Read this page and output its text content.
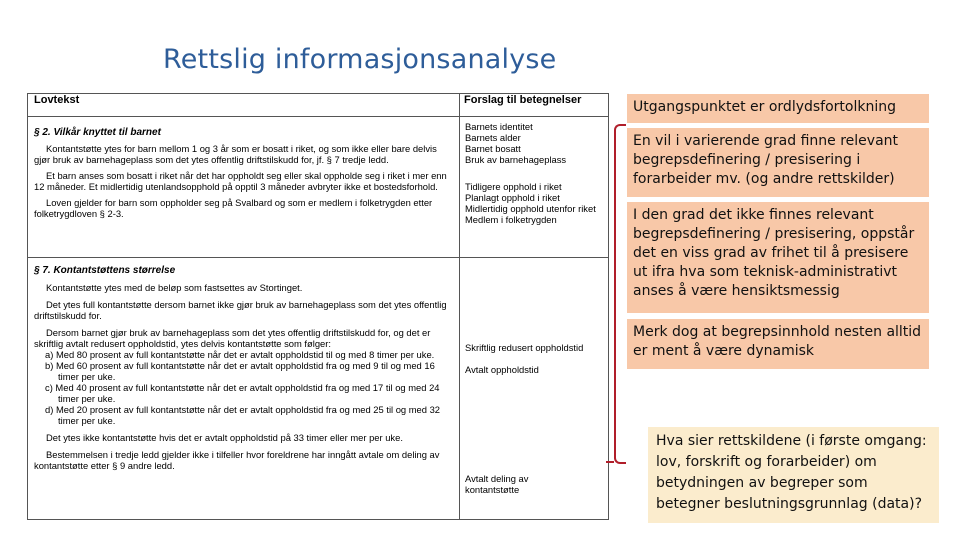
Rettslig informasjonsanalyse
Lovtekst	Forslag til betegnelser

§ 2. Vilkår knyttet til barnet

Kontantstøtte ytes for barn mellom 1 og 3 år som er bosatt i riket, og som ikke eller bare delvis gjør bruk av barnehageplass som det ytes offentlig driftstilskudd for, jf. § 7 tredje ledd.

Et barn anses som bosatt i riket når det har oppholdt seg eller skal oppholde seg i riket i mer enn 12 måneder. Et midlertidig utenlandsopphold på opptil 3 måneder avbryter ikke et bostedsforhold.

Loven gjelder for barn som oppholder seg på Svalbard og som er medlem i folketrygden etter folketrygdloven § 2-3.

Barnets identitet
Barnets alder
Barnet bosatt
Bruk av barnehageplass
Tidligere opphold i riket
Planlagt opphold i riket
Midlertidig opphold utenfor riket
Medlem i folketrygden

§ 7. Kontantstøttens størrelse

Kontantstøtte ytes med de beløp som fastsettes av Stortinget.

Det ytes full kontantstøtte dersom barnet ikke gjør bruk av barnehageplass som det ytes offentlig driftstilskudd for.

Dersom barnet gjør bruk av barnehageplass som det ytes offentlig driftstilskudd for, og det er skriftlig avtalt redusert oppholdstid, ytes delvis kontantstøtte som følger:

a) Med 80 prosent av full kontantstøtte når det er avtalt oppholdstid til og med 8 timer per uke.

b) Med 60 prosent av full kontantstøtte når det er avtalt oppholdstid fra og med 9 til og med 16 timer per uke.

c) Med 40 prosent av full kontantstøtte når det er avtalt oppholdstid fra og med 17 til og med 24 timer per uke.

d) Med 20 prosent av full kontantstøtte når det er avtalt oppholdstid fra og med 25 til og med 32 timer per uke.

Det ytes ikke kontantstøtte hvis det er avtalt oppholdstid på 33 timer eller mer per uke.

Bestemmelsen i tredje ledd gjelder ikke i tilfeller hvor foreldrene har inngått avtale om deling av kontantstøtte etter § 9 andre ledd.

Skriftlig redusert oppholdstid
Avtalt oppholdstid
Avtalt deling av
kontantstøtte
Utgangspunktet er ordlydsfortolkning
En vil i varierende grad finne relevant begrepsdefinering / presisering i forarbeider mv. (og andre rettskilder)
I den grad det ikke finnes relevant begrepsdefinering / presisering, oppstår det en viss grad av frihet til å presisere ut ifra hva som teknisk-administrativt anses å være hensiktsmessig
Merk dog at begrepsinnhold nesten alltid er ment å være dynamisk
Hva sier rettskildene (i første omgang: lov, forskrift og forarbeider) om betydningen av begreper som betegner beslutningsgrunnlag (data)?
